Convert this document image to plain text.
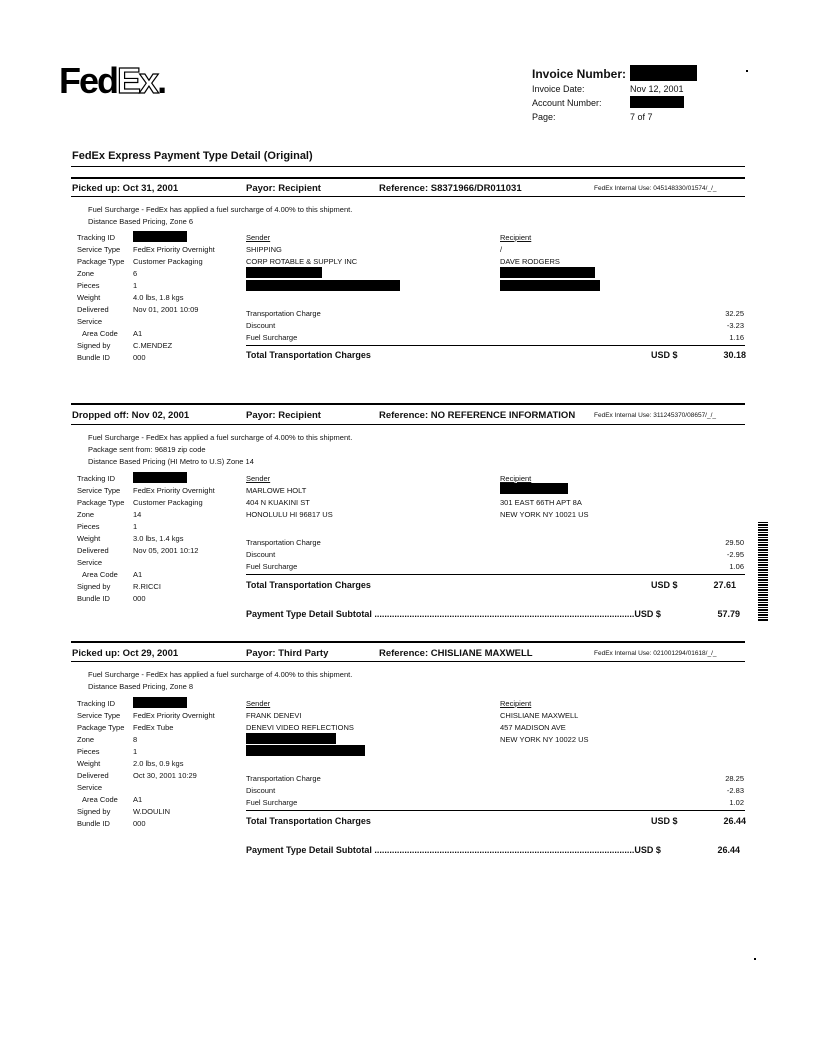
FedEx.	Invoice Number:
Invoice Date:	Nov 12, 2001
Account Number:
Page:	7 of 7
FedEx Express Payment Type Detail (Original)
Picked up: Oct 31, 2001	Payor: Recipient	Reference: S8371966/DR011031	FedEx Internal Use: 045148330/01574/_/_
Fuel Surcharge - FedEx has applied a fuel surcharge of 4.00% to this shipment.
Distance Based Pricing, Zone 6
Tracking ID
Service Type FedEx Priority Overnight
Package Type Customer Packaging
Zone	6
Pieces	1
Weight	4.0 lbs, 1.8 kgs
Delivered	Nov 01, 2001 10:09
Service
Area Code A1
Signed by	C.MENDEZ
Bundle ID	000
Sender
SHIPPING
CORP ROTABLE & SUPPLY INC
Recipient
/
DAVE RODGERS
Transportation Charge	32.25
Discount	-3.23
Fuel Surcharge	1.16
Total Transportation Charges	USD $	30.18
Dropped off: Nov 02, 2001	Payor: Recipient	Reference: NO REFERENCE INFORMATION	FedEx Internal Use: 311245370/08657/_/_
Fuel Surcharge - FedEx has applied a fuel surcharge of 4.00% to this shipment.
Package sent from: 96819 zip code
Distance Based Pricing (HI Metro to U.S) Zone 14
Tracking ID
Service Type FedEx Priority Overnight
Package Type Customer Packaging
Zone	14
Pieces	1
Weight	3.0 lbs, 1.4 kgs
Delivered	Nov 05, 2001 10:12
Service
Area Code A1
Signed by	R.RICCI
Bundle ID	000
Sender
MARLOWE HOLT
404 N KUAKINI ST
HONOLULU HI 96817 US
Recipient
301 EAST 66TH APT 8A
NEW YORK NY 10021 US
Transportation Charge	29.50
Discount	-2.95
Fuel Surcharge	1.06
Total Transportation Charges	USD $	27.61
Payment Type Detail Subtotal ........................................................................................................USD $	57.79
Picked up: Oct 29, 2001	Payor: Third Party	Reference: CHISLIANE MAXWELL	FedEx Internal Use: 021001294/01618/_/_
Fuel Surcharge - FedEx has applied a fuel surcharge of 4.00% to this shipment.
Distance Based Pricing, Zone 8
Tracking ID
Service Type FedEx Priority Overnight
Package Type FedEx Tube
Zone	8
Pieces	1
Weight	2.0 lbs, 0.9 kgs
Delivered	Oct 30, 2001 10:29
Service
Area Code A1
Signed by	W.DOULIN
Bundle ID	000
Sender
FRANK DENEVI
DENEVI VIDEO REFLECTIONS
Recipient
CHISLIANE MAXWELL
457 MADISON AVE
NEW YORK NY 10022 US
Transportation Charge	28.25
Discount	-2.83
Fuel Surcharge	1.02
Total Transportation Charges	USD $	26.44
Payment Type Detail Subtotal ........................................................................................................USD $	26.44
